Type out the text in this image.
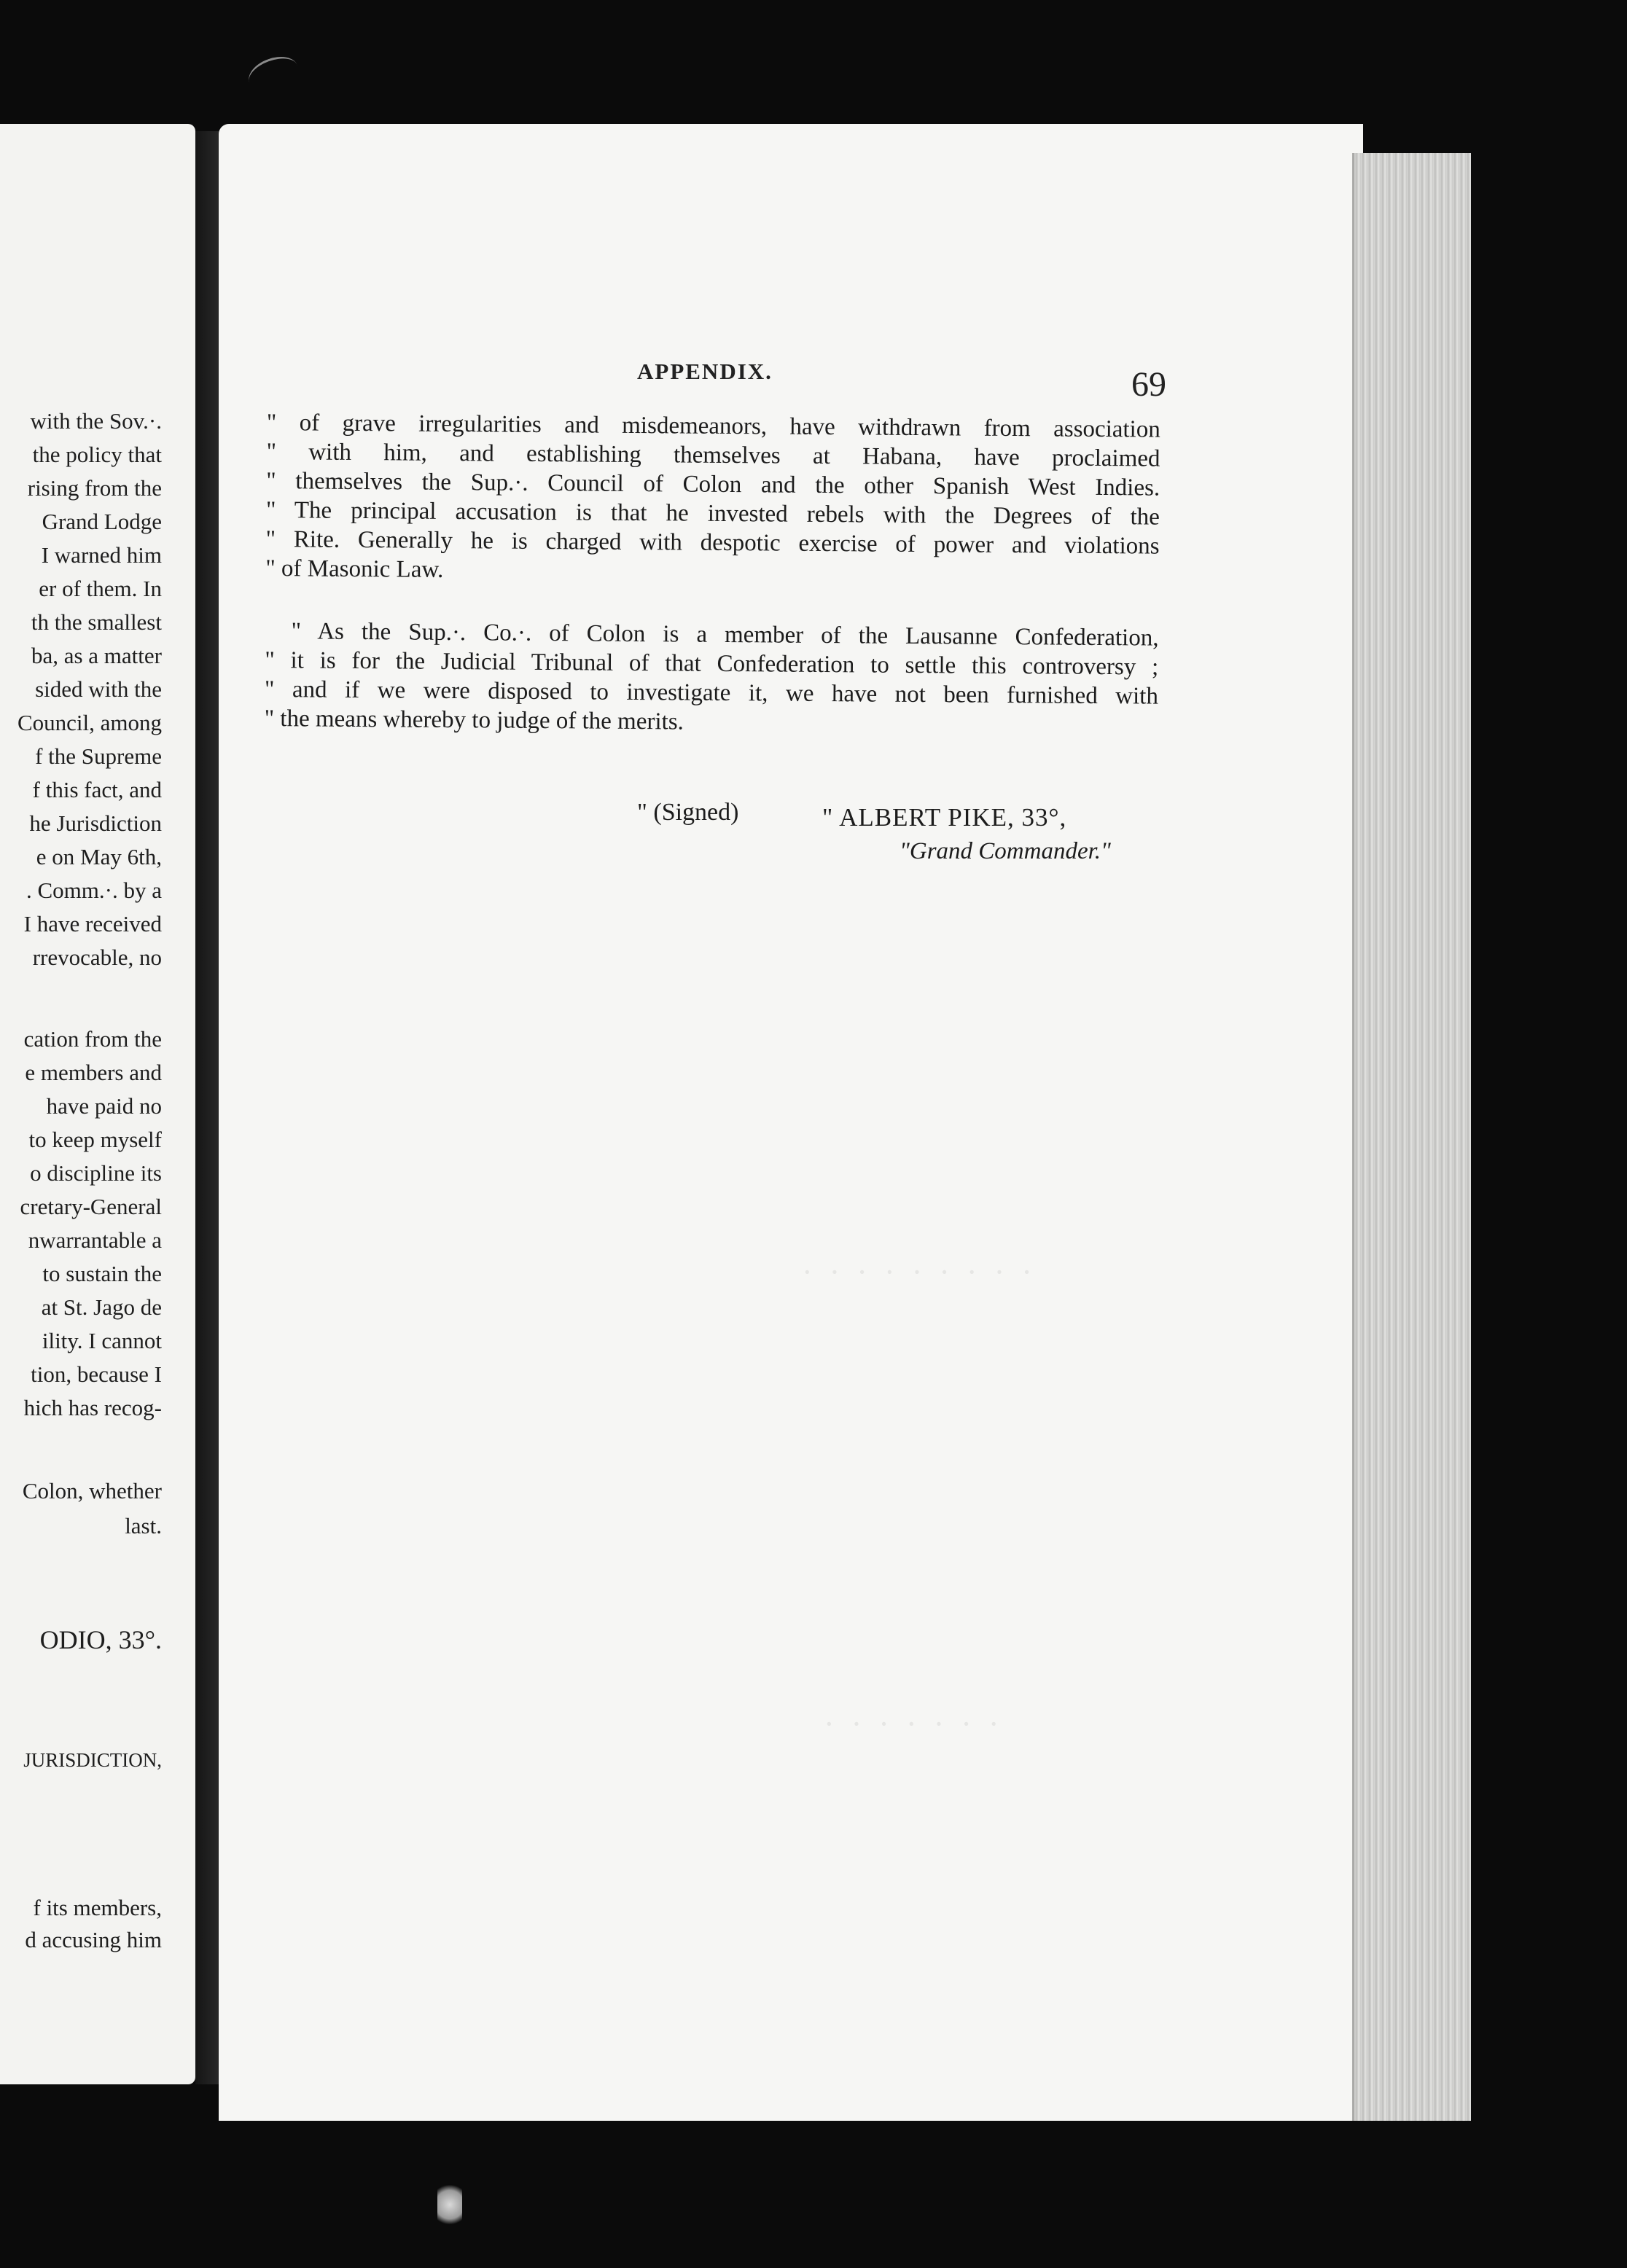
with the Sov.·.
the policy that
rising from the
Grand Lodge
I warned him
er of them. In
th the smallest
ba, as a matter
sided with the
Council, among
f the Supreme
f this fact, and
he Jurisdiction
e on May 6th,
. Comm.·. by a
I have received
rrevocable, no
cation from the
e members and
have paid no
to keep myself
o discipline its
cretary-General
nwarrantable a
to sustain the
at St. Jago de
ility. I cannot
tion, because I
hich has recog-
Colon, whether
last.
ODIO, 33°.
JURISDICTION,
f its members,
d accusing him
· · · · · · · · ·
· · · · · · ·
APPENDIX.	69
" of grave irregularities and misdemeanors, have withdrawn from association
" with him, and establishing themselves at Habana, have proclaimed
" themselves the Sup.·. Council of Colon and the other Spanish West Indies.
" The principal accusation is that he invested rebels with the Degrees of the
" Rite. Generally he is charged with despotic exercise of power and violations
" of Masonic Law.
" As the Sup.·. Co.·. of Colon is a member of the Lausanne Confederation,
" it is for the Judicial Tribunal of that Confederation to settle this controversy ;
" and if we were disposed to investigate it, we have not been furnished with
" the means whereby to judge of the merits.
" (Signed)	" ALBERT PIKE, 33°,
"Grand Commander."
